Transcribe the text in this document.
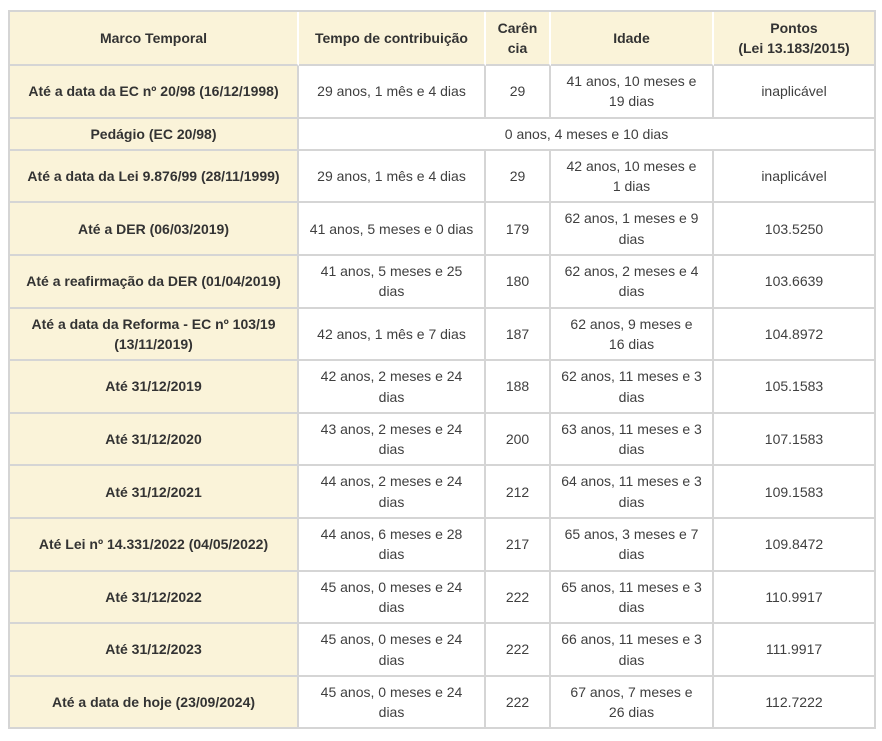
Marco Temporal	Tempo de contribuição	Carência	Idade	Pontos
(Lei 13.183/2015)
Até a data da EC nº 20/98 (16/12/1998)	29 anos, 1 mês e 4 dias	29	41 anos, 10 meses e 19 dias	inaplicável
Pedágio (EC 20/98)	0 anos, 4 meses e 10 dias			
Até a data da Lei 9.876/99 (28/11/1999)	29 anos, 1 mês e 4 dias	29	42 anos, 10 meses e 1 dias	inaplicável
Até a DER (06/03/2019)	41 anos, 5 meses e 0 dias	179	62 anos, 1 meses e 9 dias	103.5250
Até a reafirmação da DER (01/04/2019)	41 anos, 5 meses e 25 dias	180	62 anos, 2 meses e 4 dias	103.6639
Até a data da Reforma - EC nº 103/19 (13/11/2019)	42 anos, 1 mês e 7 dias	187	62 anos, 9 meses e 16 dias	104.8972
Até 31/12/2019	42 anos, 2 meses e 24 dias	188	62 anos, 11 meses e 3 dias	105.1583
Até 31/12/2020	43 anos, 2 meses e 24 dias	200	63 anos, 11 meses e 3 dias	107.1583
Até 31/12/2021	44 anos, 2 meses e 24 dias	212	64 anos, 11 meses e 3 dias	109.1583
Até Lei nº 14.331/2022 (04/05/2022)	44 anos, 6 meses e 28 dias	217	65 anos, 3 meses e 7 dias	109.8472
Até 31/12/2022	45 anos, 0 meses e 24 dias	222	65 anos, 11 meses e 3 dias	110.9917
Até 31/12/2023	45 anos, 0 meses e 24 dias	222	66 anos, 11 meses e 3 dias	111.9917
Até a data de hoje (23/09/2024)	45 anos, 0 meses e 24 dias	222	67 anos, 7 meses e 26 dias	112.7222
